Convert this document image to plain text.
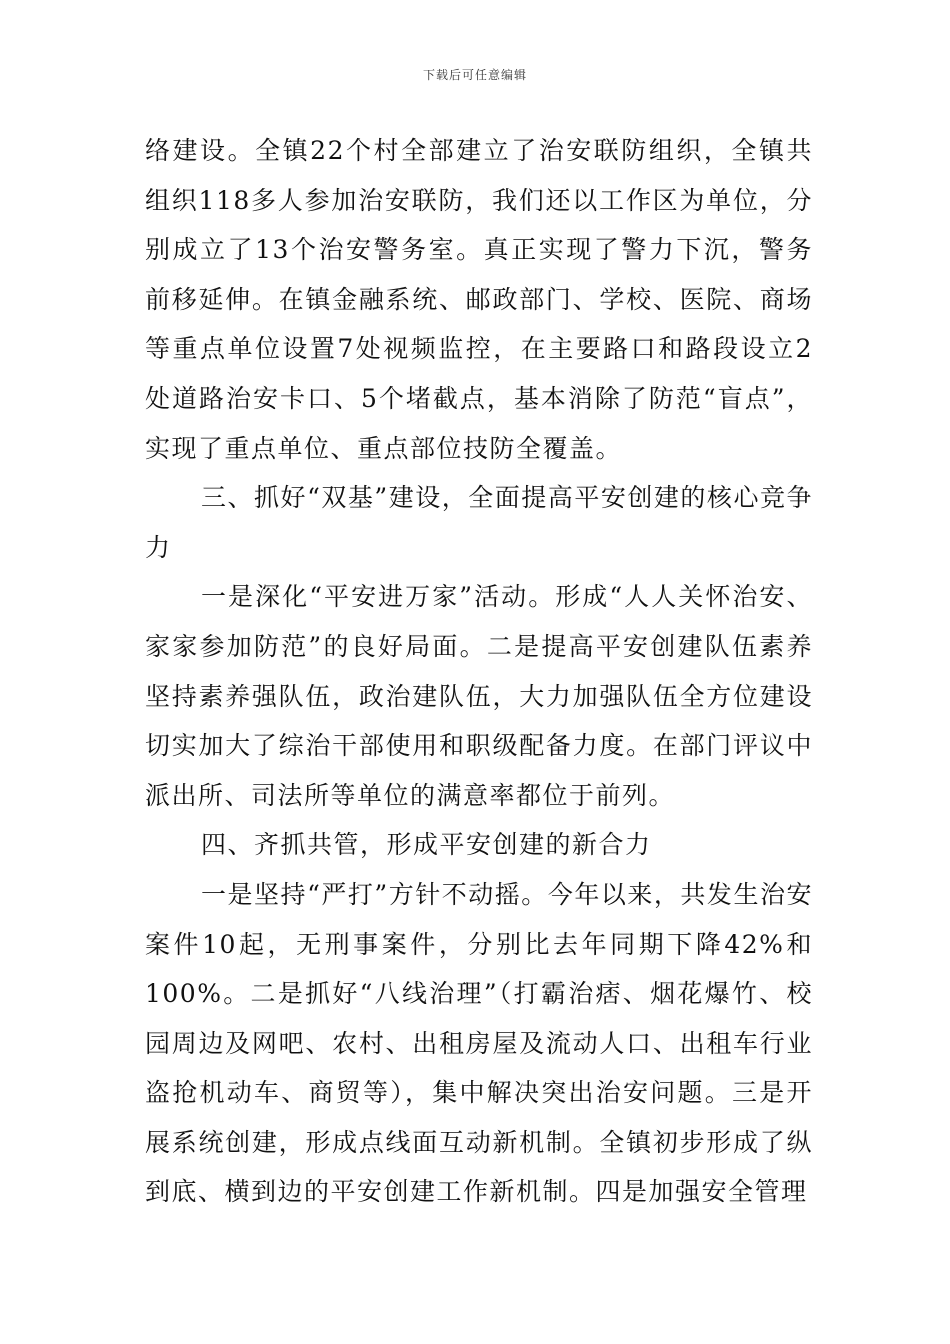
下载后可任意编辑

络建设。全镇22个村全部建立了治安联防组织，全镇共组织118多人参加治安联防，我们还以工作区为单位，分别成立了13个治安警务室。真正实现了警力下沉，警务前移延伸。在镇金融系统、邮政部门、学校、医院、商场等重点单位设置7处视频监控，在主要路口和路段设立2处道路治安卡口、5个堵截点，基本消除了防范“盲点”，实现了重点单位、重点部位技防全覆盖。

三、抓好“双基”建设，全面提高平安创建的核心竞争力

一是深化“平安进万家”活动。形成“人人关怀治安、家家参加防范”的良好局面。二是提高平安创建队伍素养坚持素养强队伍，政治建队伍，大力加强队伍全方位建设切实加大了综治干部使用和职级配备力度。在部门评议中派出所、司法所等单位的满意率都位于前列。

四、齐抓共管，形成平安创建的新合力

一是坚持“严打”方针不动摇。今年以来，共发生治安案件10起，无刑事案件，分别比去年同期下降42%和100%。二是抓好“八线治理”（打霸治痞、烟花爆竹、校园周边及网吧、农村、出租房屋及流动人口、出租车行业盗抢机动车、商贸等），集中解决突出治安问题。三是开展系统创建，形成点线面互动新机制。全镇初步形成了纵到底、横到边的平安创建工作新机制。四是加强安全管理
